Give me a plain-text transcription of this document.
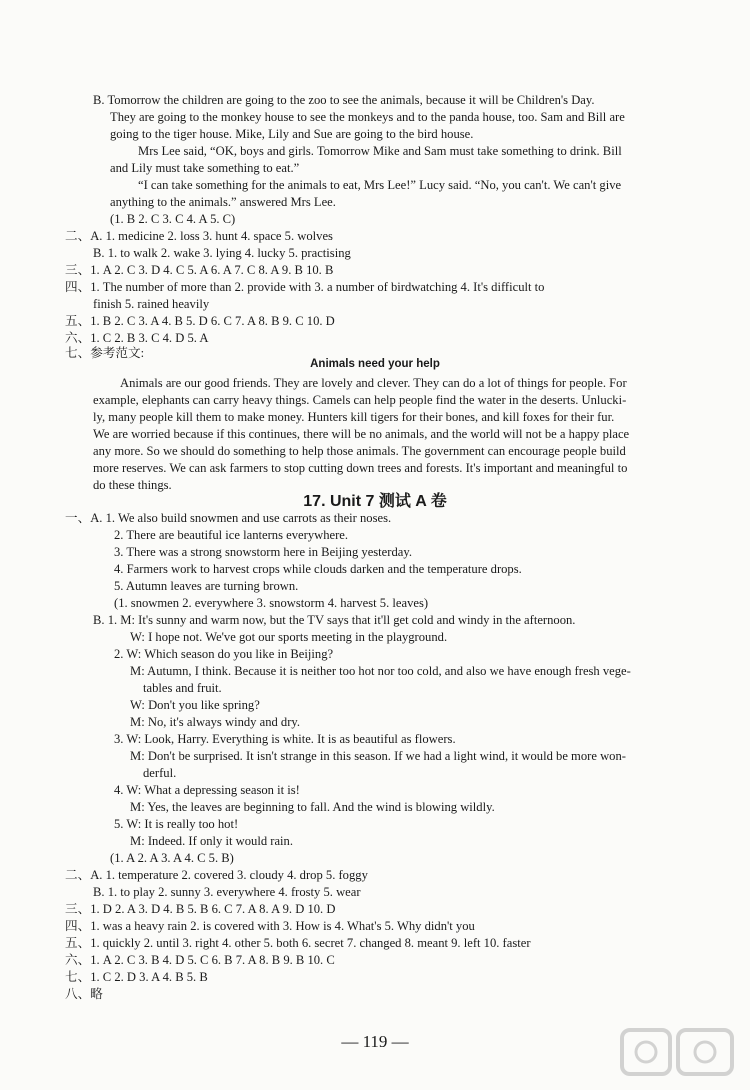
B. Tomorrow the children are going to the zoo to see the animals, because it will be Children's Day.
They are going to the monkey house to see the monkeys and to the panda house, too. Sam and Bill are
going to the tiger house. Mike, Lily and Sue are going to the bird house.
Mrs Lee said, “OK, boys and girls. Tomorrow Mike and Sam must take something to drink. Bill
and Lily must take something to eat.”
“I can take something for the animals to eat, Mrs Lee!” Lucy said. “No, you can't. We can't give
anything to the animals.” answered Mrs Lee.
(1. B 2. C 3. C 4. A 5. C)
二、A. 1. medicine 2. loss 3. hunt 4. space 5. wolves
B. 1. to walk 2. wake 3. lying 4. lucky 5. practising
三、1. A 2. C 3. D 4. C 5. A 6. A 7. C 8. A 9. B 10. B
四、1. The number of more than 2. provide with 3. a number of birdwatching 4. It's difficult to
finish 5. rained heavily
五、1. B 2. C 3. A 4. B 5. D 6. C 7. A 8. B 9. C 10. D
六、1. C 2. B 3. C 4. D 5. A
七、参考范文:
Animals need your help
Animals are our good friends. They are lovely and clever. They can do a lot of things for people. For
example, elephants can carry heavy things. Camels can help people find the water in the deserts. Unlucki-
ly, many people kill them to make money. Hunters kill tigers for their bones, and kill foxes for their fur.
We are worried because if this continues, there will be no animals, and the world will not be a happy place
any more. So we should do something to help those animals. The government can encourage people build
more reserves. We can ask farmers to stop cutting down trees and forests. It's important and meaningful to
do these things.
17. Unit 7 测试 A 卷
一、A. 1. We also build snowmen and use carrots as their noses.
2. There are beautiful ice lanterns everywhere.
3. There was a strong snowstorm here in Beijing yesterday.
4. Farmers work to harvest crops while clouds darken and the temperature drops.
5. Autumn leaves are turning brown.
(1. snowmen 2. everywhere 3. snowstorm 4. harvest 5. leaves)
B. 1. M: It's sunny and warm now, but the TV says that it'll get cold and windy in the afternoon.
W: I hope not. We've got our sports meeting in the playground.
2. W: Which season do you like in Beijing?
M: Autumn, I think. Because it is neither too hot nor too cold, and also we have enough fresh vege-
tables and fruit.
W: Don't you like spring?
M: No, it's always windy and dry.
3. W: Look, Harry. Everything is white. It is as beautiful as flowers.
M: Don't be surprised. It isn't strange in this season. If we had a light wind, it would be more won-
derful.
4. W: What a depressing season it is!
M: Yes, the leaves are beginning to fall. And the wind is blowing wildly.
5. W: It is really too hot!
M: Indeed. If only it would rain.
(1. A 2. A 3. A 4. C 5. B)
二、A. 1. temperature 2. covered 3. cloudy 4. drop 5. foggy
B. 1. to play 2. sunny 3. everywhere 4. frosty 5. wear
三、1. D 2. A 3. D 4. B 5. B 6. C 7. A 8. A 9. D 10. D
四、1. was a heavy rain 2. is covered with 3. How is 4. What's 5. Why didn't you
五、1. quickly 2. until 3. right 4. other 5. both 6. secret 7. changed 8. meant 9. left 10. faster
六、1. A 2. C 3. B 4. D 5. C 6. B 7. A 8. B 9. B 10. C
七、1. C 2. D 3. A 4. B 5. B
八、略
— 119 —
